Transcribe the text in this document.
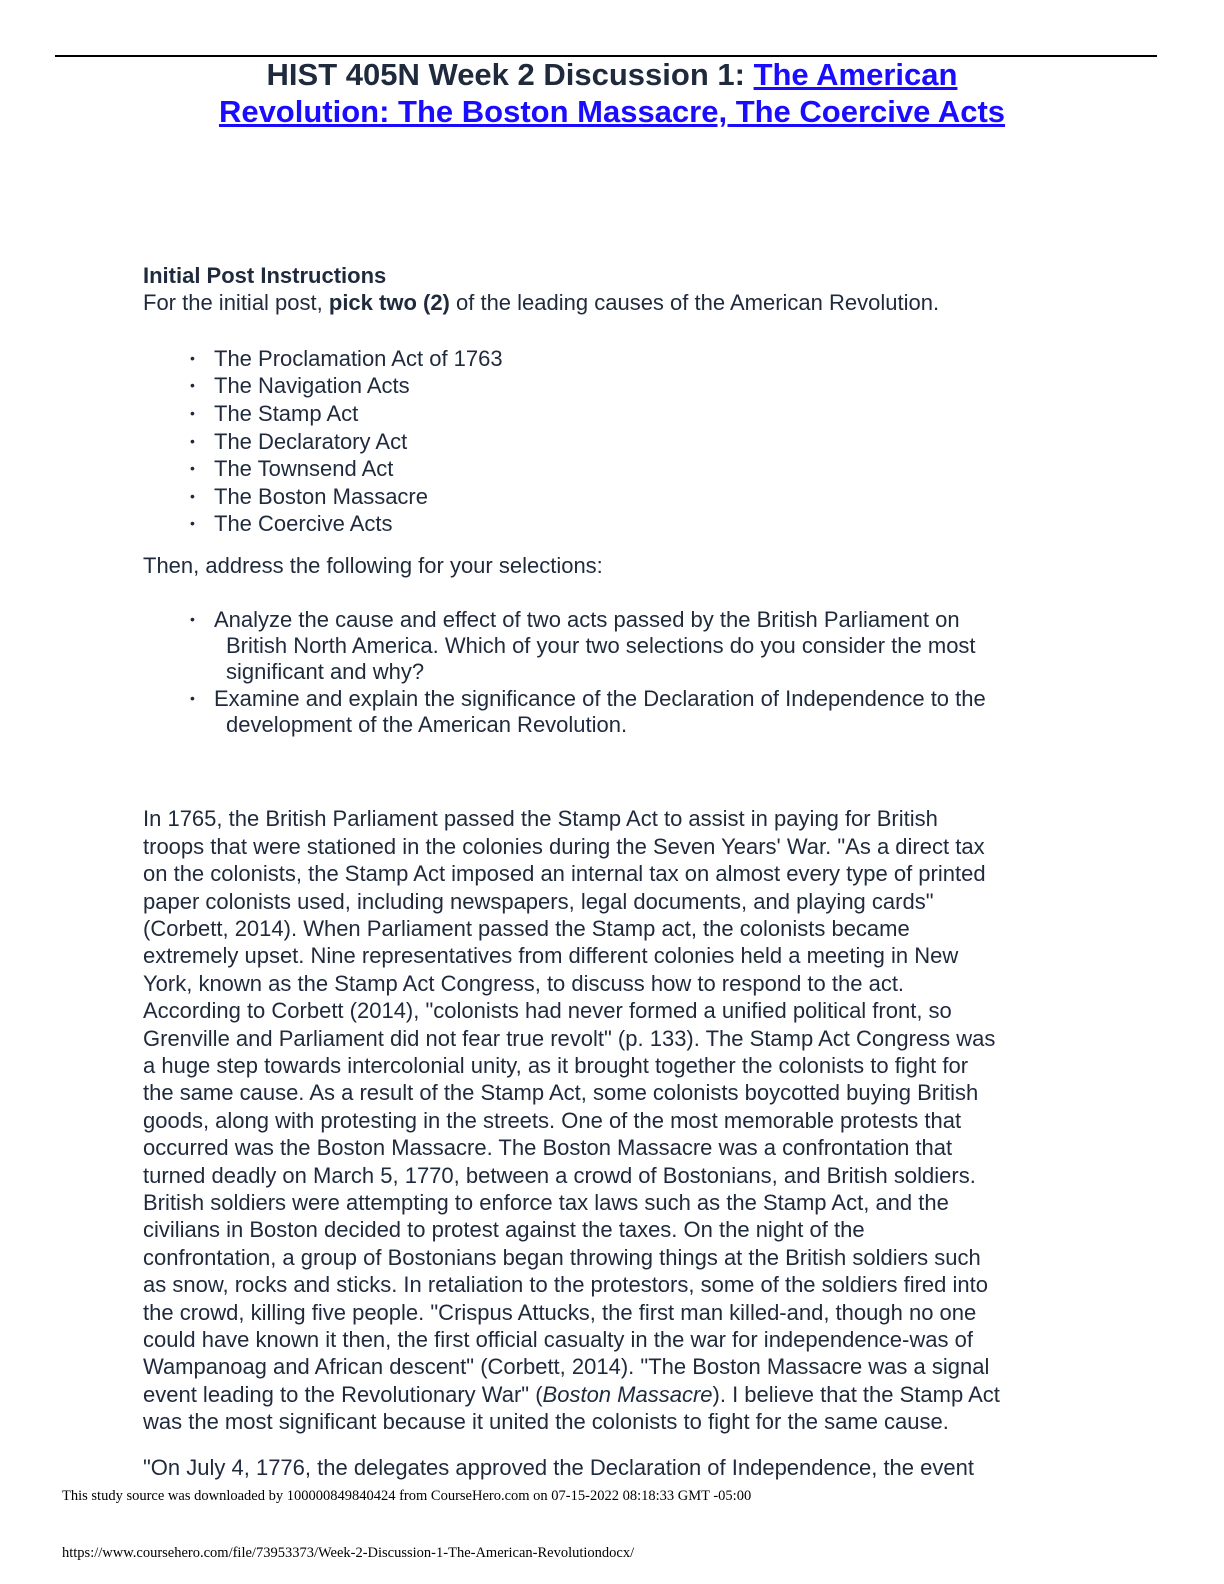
HIST 405N Week 2 Discussion 1: The American
Revolution: The Boston Massacre, The Coercive Acts
Initial Post Instructions
For the initial post, pick two (2) of the leading causes of the American Revolution.
• The Proclamation Act of 1763
• The Navigation Acts
• The Stamp Act
• The Declaratory Act
• The Townsend Act
• The Boston Massacre
• The Coercive Acts
Then, address the following for your selections:
• Analyze the cause and effect of two acts passed by the British Parliament on
British North America. Which of your two selections do you consider the most
significant and why?
• Examine and explain the significance of the Declaration of Independence to the
development of the American Revolution.
In 1765, the British Parliament passed the Stamp Act to assist in paying for British
troops that were stationed in the colonies during the Seven Years' War. "As a direct tax
on the colonists, the Stamp Act imposed an internal tax on almost every type of printed
paper colonists used, including newspapers, legal documents, and playing cards"
(Corbett, 2014). When Parliament passed the Stamp act, the colonists became
extremely upset. Nine representatives from different colonies held a meeting in New
York, known as the Stamp Act Congress, to discuss how to respond to the act.
According to Corbett (2014), "colonists had never formed a unified political front, so
Grenville and Parliament did not fear true revolt" (p. 133). The Stamp Act Congress was
a huge step towards intercolonial unity, as it brought together the colonists to fight for
the same cause. As a result of the Stamp Act, some colonists boycotted buying British
goods, along with protesting in the streets. One of the most memorable protests that
occurred was the Boston Massacre. The Boston Massacre was a confrontation that
turned deadly on March 5, 1770, between a crowd of Bostonians, and British soldiers.
British soldiers were attempting to enforce tax laws such as the Stamp Act, and the
civilians in Boston decided to protest against the taxes. On the night of the
confrontation, a group of Bostonians began throwing things at the British soldiers such
as snow, rocks and sticks. In retaliation to the protestors, some of the soldiers fired into
the crowd, killing five people. "Crispus Attucks, the first man killed-and, though no one
could have known it then, the first official casualty in the war for independence-was of
Wampanoag and African descent" (Corbett, 2014). "The Boston Massacre was a signal
event leading to the Revolutionary War" (Boston Massacre). I believe that the Stamp Act
was the most significant because it united the colonists to fight for the same cause.
"On July 4, 1776, the delegates approved the Declaration of Independence, the event
This study source was downloaded by 100000849840424 from CourseHero.com on 07-15-2022 08:18:33 GMT -05:00
https://www.coursehero.com/file/73953373/Week-2-Discussion-1-The-American-Revolutiondocx/
